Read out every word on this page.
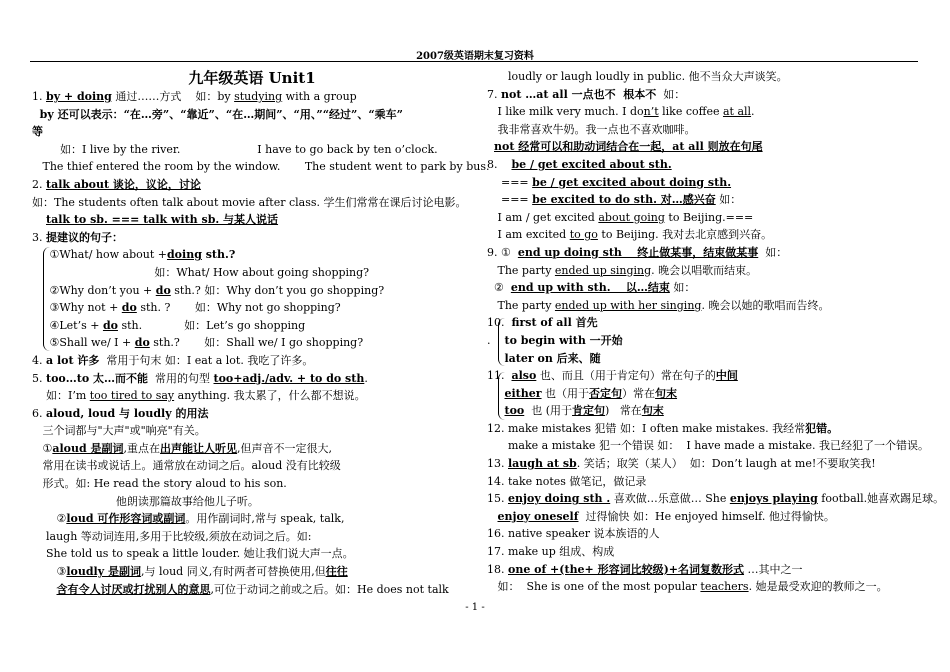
2007级英语期末复习资料
九年级英语 Unit1
1. by + doing 通过……方式    如：by studying with a group
by 还可以表示：“在…旁”、“靠近”、“在…期间”、“用、”“经过”、“乘车”
等
如：I live by the river.                      I have to go back by ten o’clock.
The thief entered the room by the window.       The student went to park by bus.
2. talk about 谈论，议论，讨论
如：The students often talk about movie after class. 学生们常常在课后讨论电影。
talk to sb. === talk with sb. 与某人说话
3. 提建议的句子：
①What/ how about +doing sth.?
如：What/ How about going shopping?
②Why don’t you + do sth.? 如：Why don’t you go shopping?
③Why not + do sth. ?       如：Why not go shopping?
④Let’s + do sth.            如：Let’s go shopping
⑤Shall we/ I + do sth.?       如：Shall we/ I go shopping?
4. a lot 许多  常用于句末 如：I eat a lot. 我吃了许多。
5. too…to 太…而不能  常用的句型 too+adj./adv. + to do sth.
如：I’m too tired to say anything. 我太累了，什么都不想说。
6. aloud, loud 与 loudly 的用法
三个词都与"大声"或"响亮"有关。
①aloud 是副词,重点在出声能让人听见,但声音不一定很大,
常用在读书或说话上。通常放在动词之后。aloud 没有比较级
形式。如: He read the story aloud to his son.
他朗读那篇故事给他儿子听。
②loud 可作形容词或副词。用作副词时,常与 speak, talk,
laugh 等动词连用,多用于比较级,须放在动词之后。如:
She told us to speak a little louder. 她让我们说大声一点。
③loudly 是副词,与 loud 同义,有时两者可替换使用,但往往
含有令人讨厌或打扰别人的意思,可位于动词之前或之后。如：He does not talk
loudly or laugh loudly in public. 他不当众大声谈笑。
7. not …at all 一点也不  根本不  如：
I like milk very much. I don’t like coffee at all.
我非常喜欢牛奶。我一点也不喜欢咖啡。
not 经常可以和助动词结合在一起，at all 则放在句尾
8.    be / get excited about sth.
=== be / get excited about doing sth.
=== be excited to do sth. 对…感兴奋 如：
I am / get excited about going to Beijing.===
I am excited to go to Beijing. 我对去北京感到兴奋。
9. ①  end up doing sth    终止做某事，结束做某事  如：
The party ended up singing. 晚会以唱歌而结束。
②  end up with sth.    以…结束 如：
The party ended up with her singing. 晚会以她的歌唱而告终。
10.  first of all 首先
.    to begin with 一开始
later on 后来、随
11.  also 也、而且（用于肯定句）常在句子的中间
either 也（用于否定句）常在句末
too  也 (用于肯定句)   常在句末
12. make mistakes 犯错 如：I often make mistakes. 我经常犯错。
make a mistake 犯一个错误 如：  I have made a mistake. 我已经犯了一个错误。
13. laugh at sb. 笑话；取笑（某人）  如：Don’t laugh at me!不要取笑我!
14. take notes 做笔记，做记录
15. enjoy doing sth . 喜欢做…乐意做… She enjoys playing football.她喜欢踢足球。
enjoy oneself  过得愉快 如：He enjoyed himself. 他过得愉快。
16. native speaker 说本族语的人
17. make up 组成、构成
18. one of +(the+ 形容词比较级)+名词复数形式 …其中之一
如：  She is one of the most popular teachers. 她是最受欢迎的教师之一。
- 1 -
